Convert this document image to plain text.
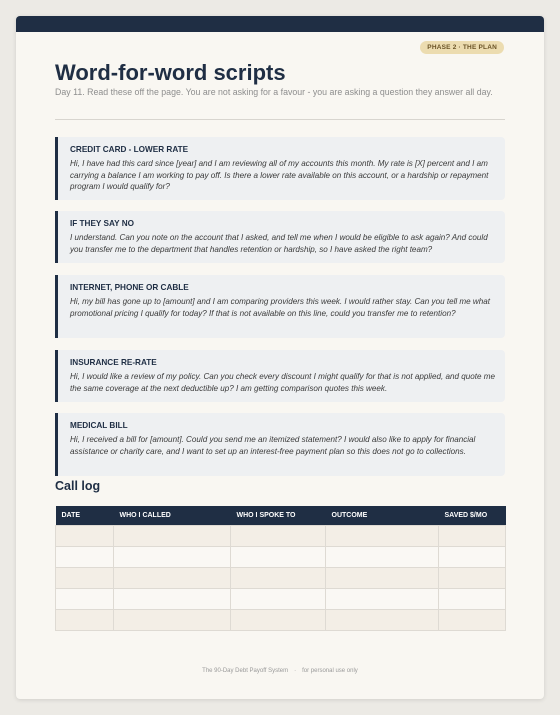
PHASE 2 · THE PLAN
Word-for-word scripts
Day 11. Read these off the page. You are not asking for a favour - you are asking a question they answer all day.
CREDIT CARD - LOWER RATE
Hi, I have had this card since [year] and I am reviewing all of my accounts this month. My rate is [X] percent and I am carrying a balance I am working to pay off. Is there a lower rate available on this account, or a hardship or repayment program I would qualify for?
IF THEY SAY NO
I understand. Can you note on the account that I asked, and tell me when I would be eligible to ask again? And could you transfer me to the department that handles retention or hardship, so I have asked the right team?
INTERNET, PHONE OR CABLE
Hi, my bill has gone up to [amount] and I am comparing providers this week. I would rather stay. Can you tell me what promotional pricing I qualify for today? If that is not available on this line, could you transfer me to retention?
INSURANCE RE-RATE
Hi, I would like a review of my policy. Can you check every discount I might qualify for that is not applied, and quote me the same coverage at the next deductible up? I am getting comparison quotes this week.
MEDICAL BILL
Hi, I received a bill for [amount]. Could you send me an itemized statement? I would also like to apply for financial assistance or charity care, and I want to set up an interest-free payment plan so this does not go to collections.
Call log
DATE	WHO I CALLED	WHO I SPOKE TO	OUTCOME	SAVED $/MO

The 90-Day Debt Payoff System · for personal use only
